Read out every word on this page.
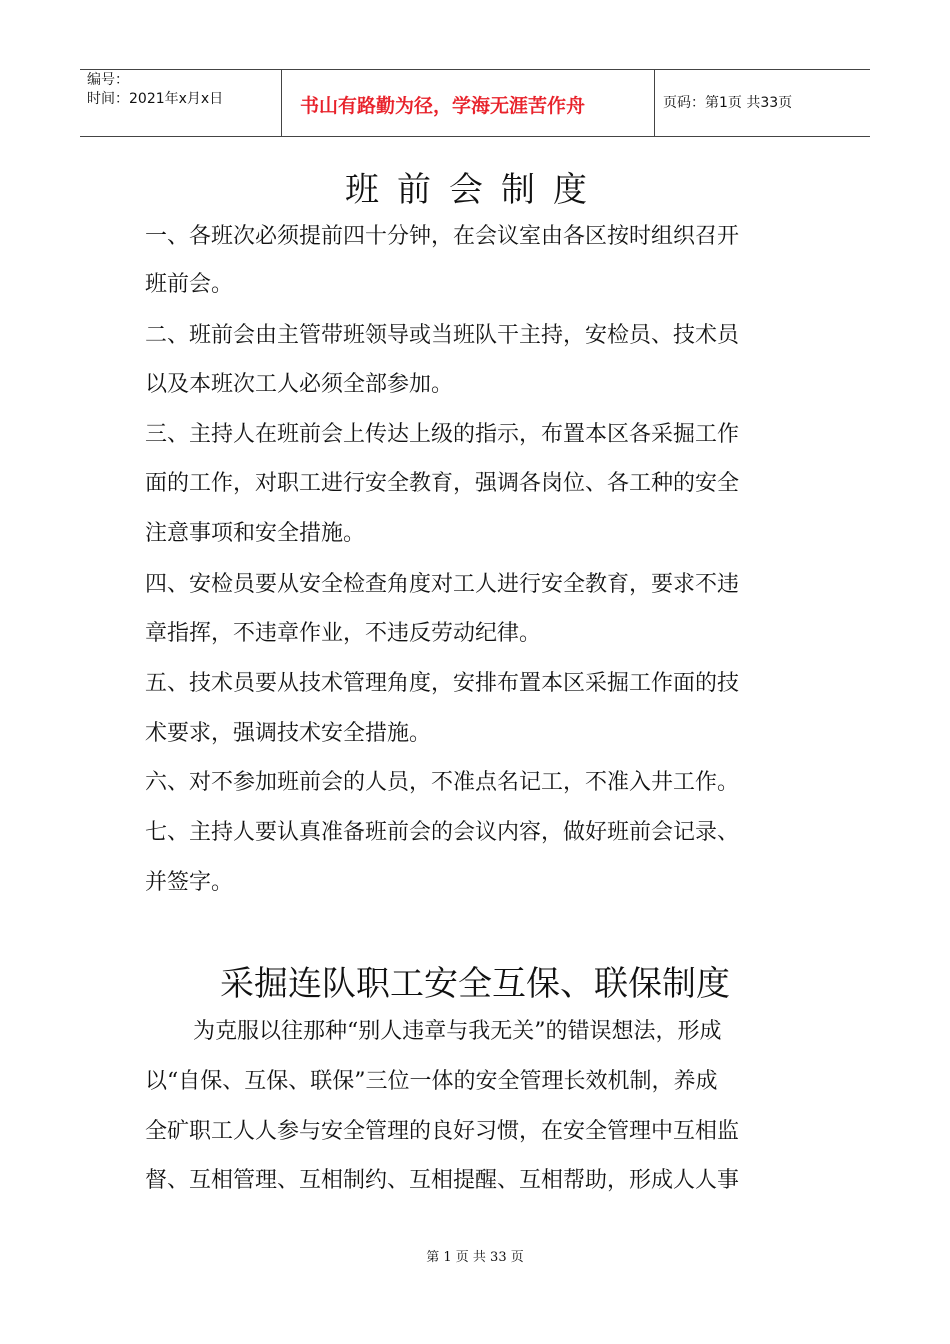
编号：
时间：2021年x月x日	书山有路勤为径，学海无涯苦作舟	页码：第1页 共33页
班前会制度
一、各班次必须提前四十分钟，在会议室由各区按时组织召开
班前会。
二、班前会由主管带班领导或当班队干主持，安检员、技术员
以及本班次工人必须全部参加。
三、主持人在班前会上传达上级的指示，布置本区各采掘工作
面的工作，对职工进行安全教育，强调各岗位、各工种的安全
注意事项和安全措施。
四、安检员要从安全检查角度对工人进行安全教育，要求不违
章指挥，不违章作业，不违反劳动纪律。
五、技术员要从技术管理角度，安排布置本区采掘工作面的技
术要求，强调技术安全措施。
六、对不参加班前会的人员，不准点名记工，不准入井工作。
七、主持人要认真准备班前会的会议内容，做好班前会记录、
并签字。
采掘连队职工安全互保、联保制度
为克服以往那种“别人违章与我无关”的错误想法，形成
以“自保、互保、联保”三位一体的安全管理长效机制，养成
全矿职工人人参与安全管理的良好习惯，在安全管理中互相监
督、互相管理、互相制约、互相提醒、互相帮助，形成人人事
第 1 页 共 33 页
